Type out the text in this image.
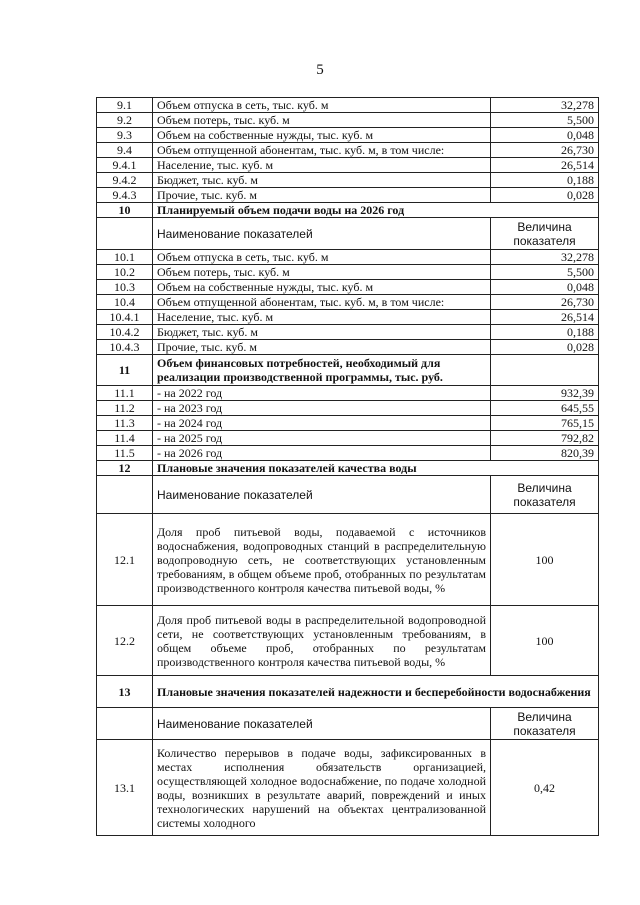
5
9.1	Объем отпуска в сеть, тыс. куб. м	32,278
9.2	Объем потерь, тыс. куб. м	5,500
9.3	Объем на собственные нужды, тыс. куб. м	0,048
9.4	Объем отпущенной абонентам, тыс. куб. м, в том числе:	26,730
9.4.1	Население, тыс. куб. м	26,514
9.4.2	Бюджет, тыс. куб. м	0,188
9.4.3	Прочие, тыс. куб. м	0,028
10	Планируемый объем подачи воды на 2026 год	
	Наименование показателей	Величина показателя
10.1	Объем отпуска в сеть, тыс. куб. м	32,278
10.2	Объем потерь, тыс. куб. м	5,500
10.3	Объем на собственные нужды, тыс. куб. м	0,048
10.4	Объем отпущенной абонентам, тыс. куб. м, в том числе:	26,730
10.4.1	Население, тыс. куб. м	26,514
10.4.2	Бюджет, тыс. куб. м	0,188
10.4.3	Прочие, тыс. куб. м	0,028
11	Объем финансовых потребностей, необходимый для реализации производственной программы, тыс. руб.	
11.1	- на 2022 год	932,39
11.2	- на 2023 год	645,55
11.3	- на 2024 год	765,15
11.4	- на 2025 год	792,82
11.5	- на 2026 год	820,39
12	Плановые значения показателей качества воды	
	Наименование показателей	Величина показателя
12.1	Доля проб питьевой воды, подаваемой с источников водоснабжения, водопроводных станций в распределительную водопроводную сеть, не соответствующих установленным требованиям, в общем объеме проб, отобранных по результатам производственного контроля качества питьевой воды, %	100
12.2	Доля проб питьевой воды в распределительной водопроводной сети, не соответствующих установленным требованиям, в общем объеме проб, отобранных по результатам производственного контроля качества питьевой воды, %	100
13	Плановые значения показателей надежности и бесперебойности водоснабжения	
	Наименование показателей	Величина показателя
13.1	Количество перерывов в подаче воды, зафиксированных в местах исполнения обязательств организацией, осуществляющей холодное водоснабжение, по подаче холодной воды, возникших в результате аварий, повреждений и иных технологических нарушений на объектах централизованной системы холодного	0,42
